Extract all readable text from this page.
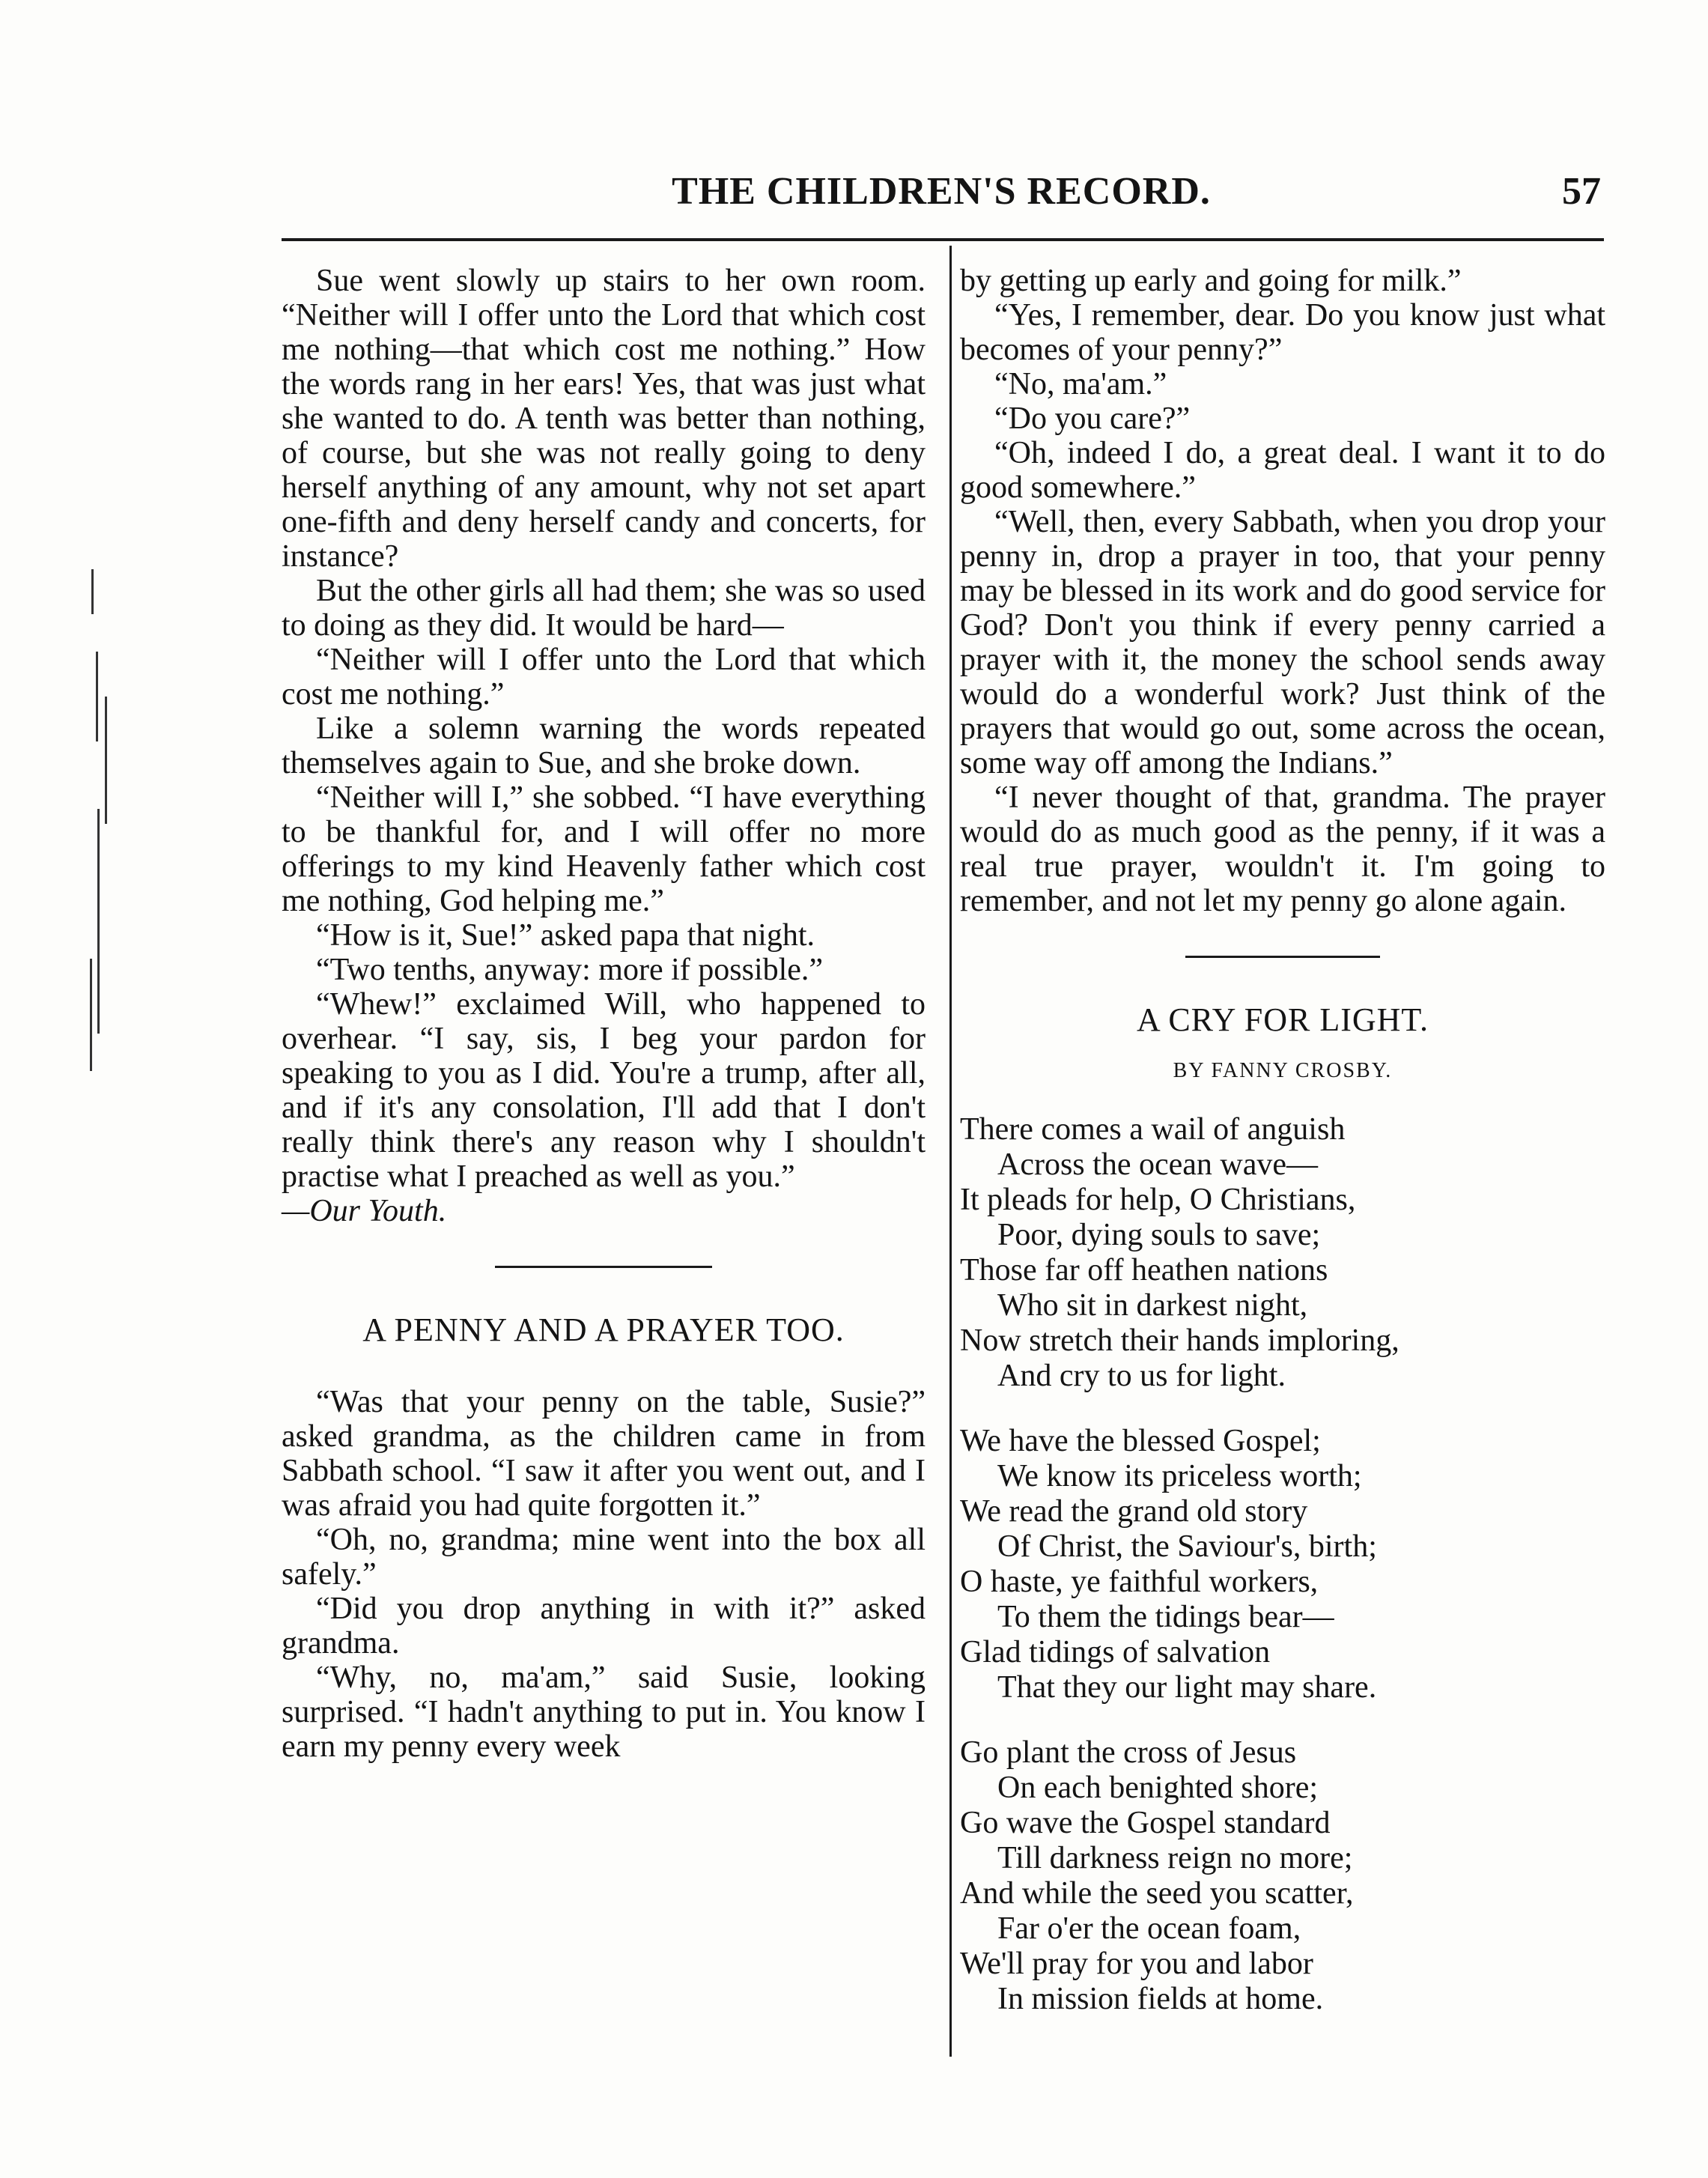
THE CHILDREN'S RECORD.	57

Sue went slowly up stairs to her own room. “Neither will I offer unto the Lord that which cost me nothing—that which cost me nothing.” How the words rang in her ears! Yes, that was just what she wanted to do. A tenth was better than nothing, of course, but she was not really going to deny herself anything of any amount, why not set apart one-fifth and deny herself candy and concerts, for instance?

But the other girls all had them; she was so used to doing as they did. It would be hard—

“Neither will I offer unto the Lord that which cost me nothing.”

Like a solemn warning the words repeated themselves again to Sue, and she broke down.

“Neither will I,” she sobbed. “I have everything to be thankful for, and I will offer no more offerings to my kind Heavenly father which cost me nothing, God helping me.”

“How is it, Sue!” asked papa that night.

“Two tenths, anyway: more if possible.”

“Whew!” exclaimed Will, who happened to overhear. “I say, sis, I beg your pardon for speaking to you as I did. You're a trump, after all, and if it's any consolation, I'll add that I don't really think there's any reason why I shouldn't practise what I preached as well as you.”

—Our Youth.

A PENNY AND A PRAYER TOO.

“Was that your penny on the table, Susie?” asked grandma, as the children came in from Sabbath school. “I saw it after you went out, and I was afraid you had quite forgotten it.”

“Oh, no, grandma; mine went into the box all safely.”

“Did you drop anything in with it?” asked grandma.

“Why, no, ma'am,” said Susie, looking surprised. “I hadn't anything to put in. You know I earn my penny every week

by getting up early and going for milk.”

“Yes, I remember, dear. Do you know just what becomes of your penny?”

“No, ma'am.”

“Do you care?”

“Oh, indeed I do, a great deal. I want it to do good somewhere.”

“Well, then, every Sabbath, when you drop your penny in, drop a prayer in too, that your penny may be blessed in its work and do good service for God? Don't you think if every penny carried a prayer with it, the money the school sends away would do a wonderful work? Just think of the prayers that would go out, some across the ocean, some way off among the Indians.”

“I never thought of that, grandma. The prayer would do as much good as the penny, if it was a real true prayer, wouldn't it. I'm going to remember, and not let my penny go alone again.

A CRY FOR LIGHT.
BY FANNY CROSBY.
There comes a wail of anguish
Across the ocean wave—
It pleads for help, O Christians,
Poor, dying souls to save;
Those far off heathen nations
Who sit in darkest night,
Now stretch their hands imploring,
And cry to us for light.
We have the blessed Gospel;
We know its priceless worth;
We read the grand old story
Of Christ, the Saviour's, birth;
O haste, ye faithful workers,
To them the tidings bear—
Glad tidings of salvation
That they our light may share.
Go plant the cross of Jesus
On each benighted shore;
Go wave the Gospel standard
Till darkness reign no more;
And while the seed you scatter,
Far o'er the ocean foam,
We'll pray for you and labor
In mission fields at home.
